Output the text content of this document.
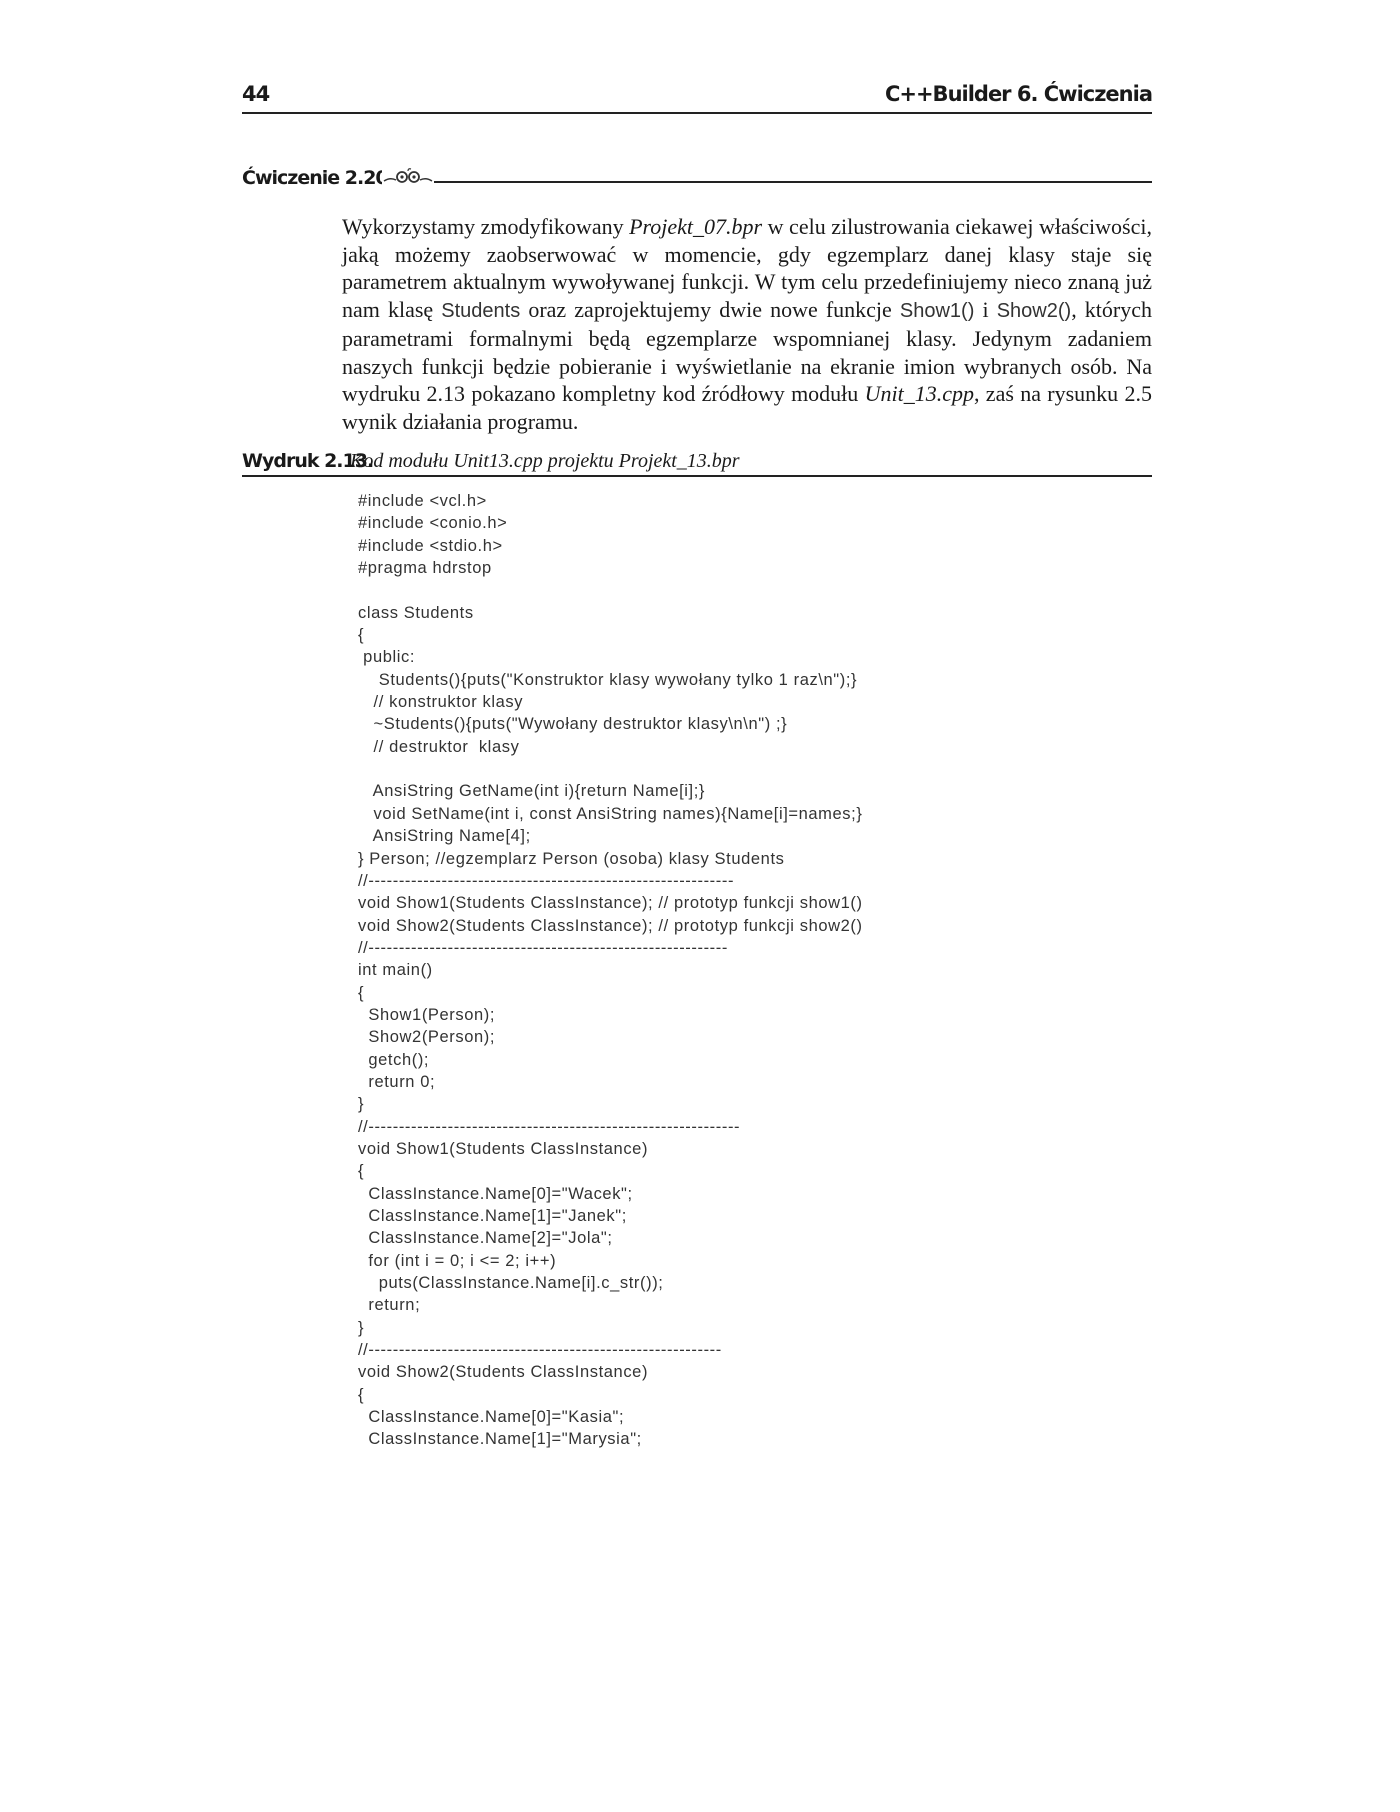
44	C++Builder 6. Ćwiczenia
Ćwiczenie 2.20.

Wykorzystamy zmodyfikowany Projekt_07.bpr w celu zilustrowania ciekawej właściwości, jaką możemy zaobserwować w momencie, gdy egzemplarz danej klasy staje się parametrem aktualnym wywoływanej funkcji. W tym celu przedefiniujemy nieco znaną już nam klasę Students oraz zaprojektujemy dwie nowe funkcje Show1() i Show2(), których parametrami formalnymi będą egzemplarze wspomnianej klasy. Jedynym zadaniem naszych funkcji będzie pobieranie i wyświetlanie na ekranie imion wybranych osób. Na wydruku 2.13 pokazano kompletny kod źródłowy modułu Unit_13.cpp, zaś na rysunku 2.5 wynik działania programu.

Wydruk 2.13.
Kod modułu Unit13.cpp projektu Projekt_13.bpr
#include <vcl.h>
#include <conio.h>
#include <stdio.h>
#pragma hdrstop
class Students
{
public:
Students(){puts("Konstruktor klasy wywołany tylko 1 raz\n");}
// konstruktor klasy
~Students(){puts("Wywołany destruktor klasy\n\n") ;}
// destruktor  klasy
AnsiString GetName(int i){return Name[i];}
void SetName(int i, const AnsiString names){Name[i]=names;}
AnsiString Name[4];
} Person; //egzemplarz Person (osoba) klasy Students
//------------------------------------------------------------
void Show1(Students ClassInstance); // prototyp funkcji show1()
void Show2(Students ClassInstance); // prototyp funkcji show2()
//-----------------------------------------------------------
int main()
{
Show1(Person);
Show2(Person);
getch();
return 0;
}
//-------------------------------------------------------------
void Show1(Students ClassInstance)
{
ClassInstance.Name[0]="Wacek";
ClassInstance.Name[1]="Janek";
ClassInstance.Name[2]="Jola";
for (int i = 0; i <= 2; i++)
puts(ClassInstance.Name[i].c_str());
return;
}
//----------------------------------------------------------
void Show2(Students ClassInstance)
{
ClassInstance.Name[0]="Kasia";
ClassInstance.Name[1]="Marysia";
